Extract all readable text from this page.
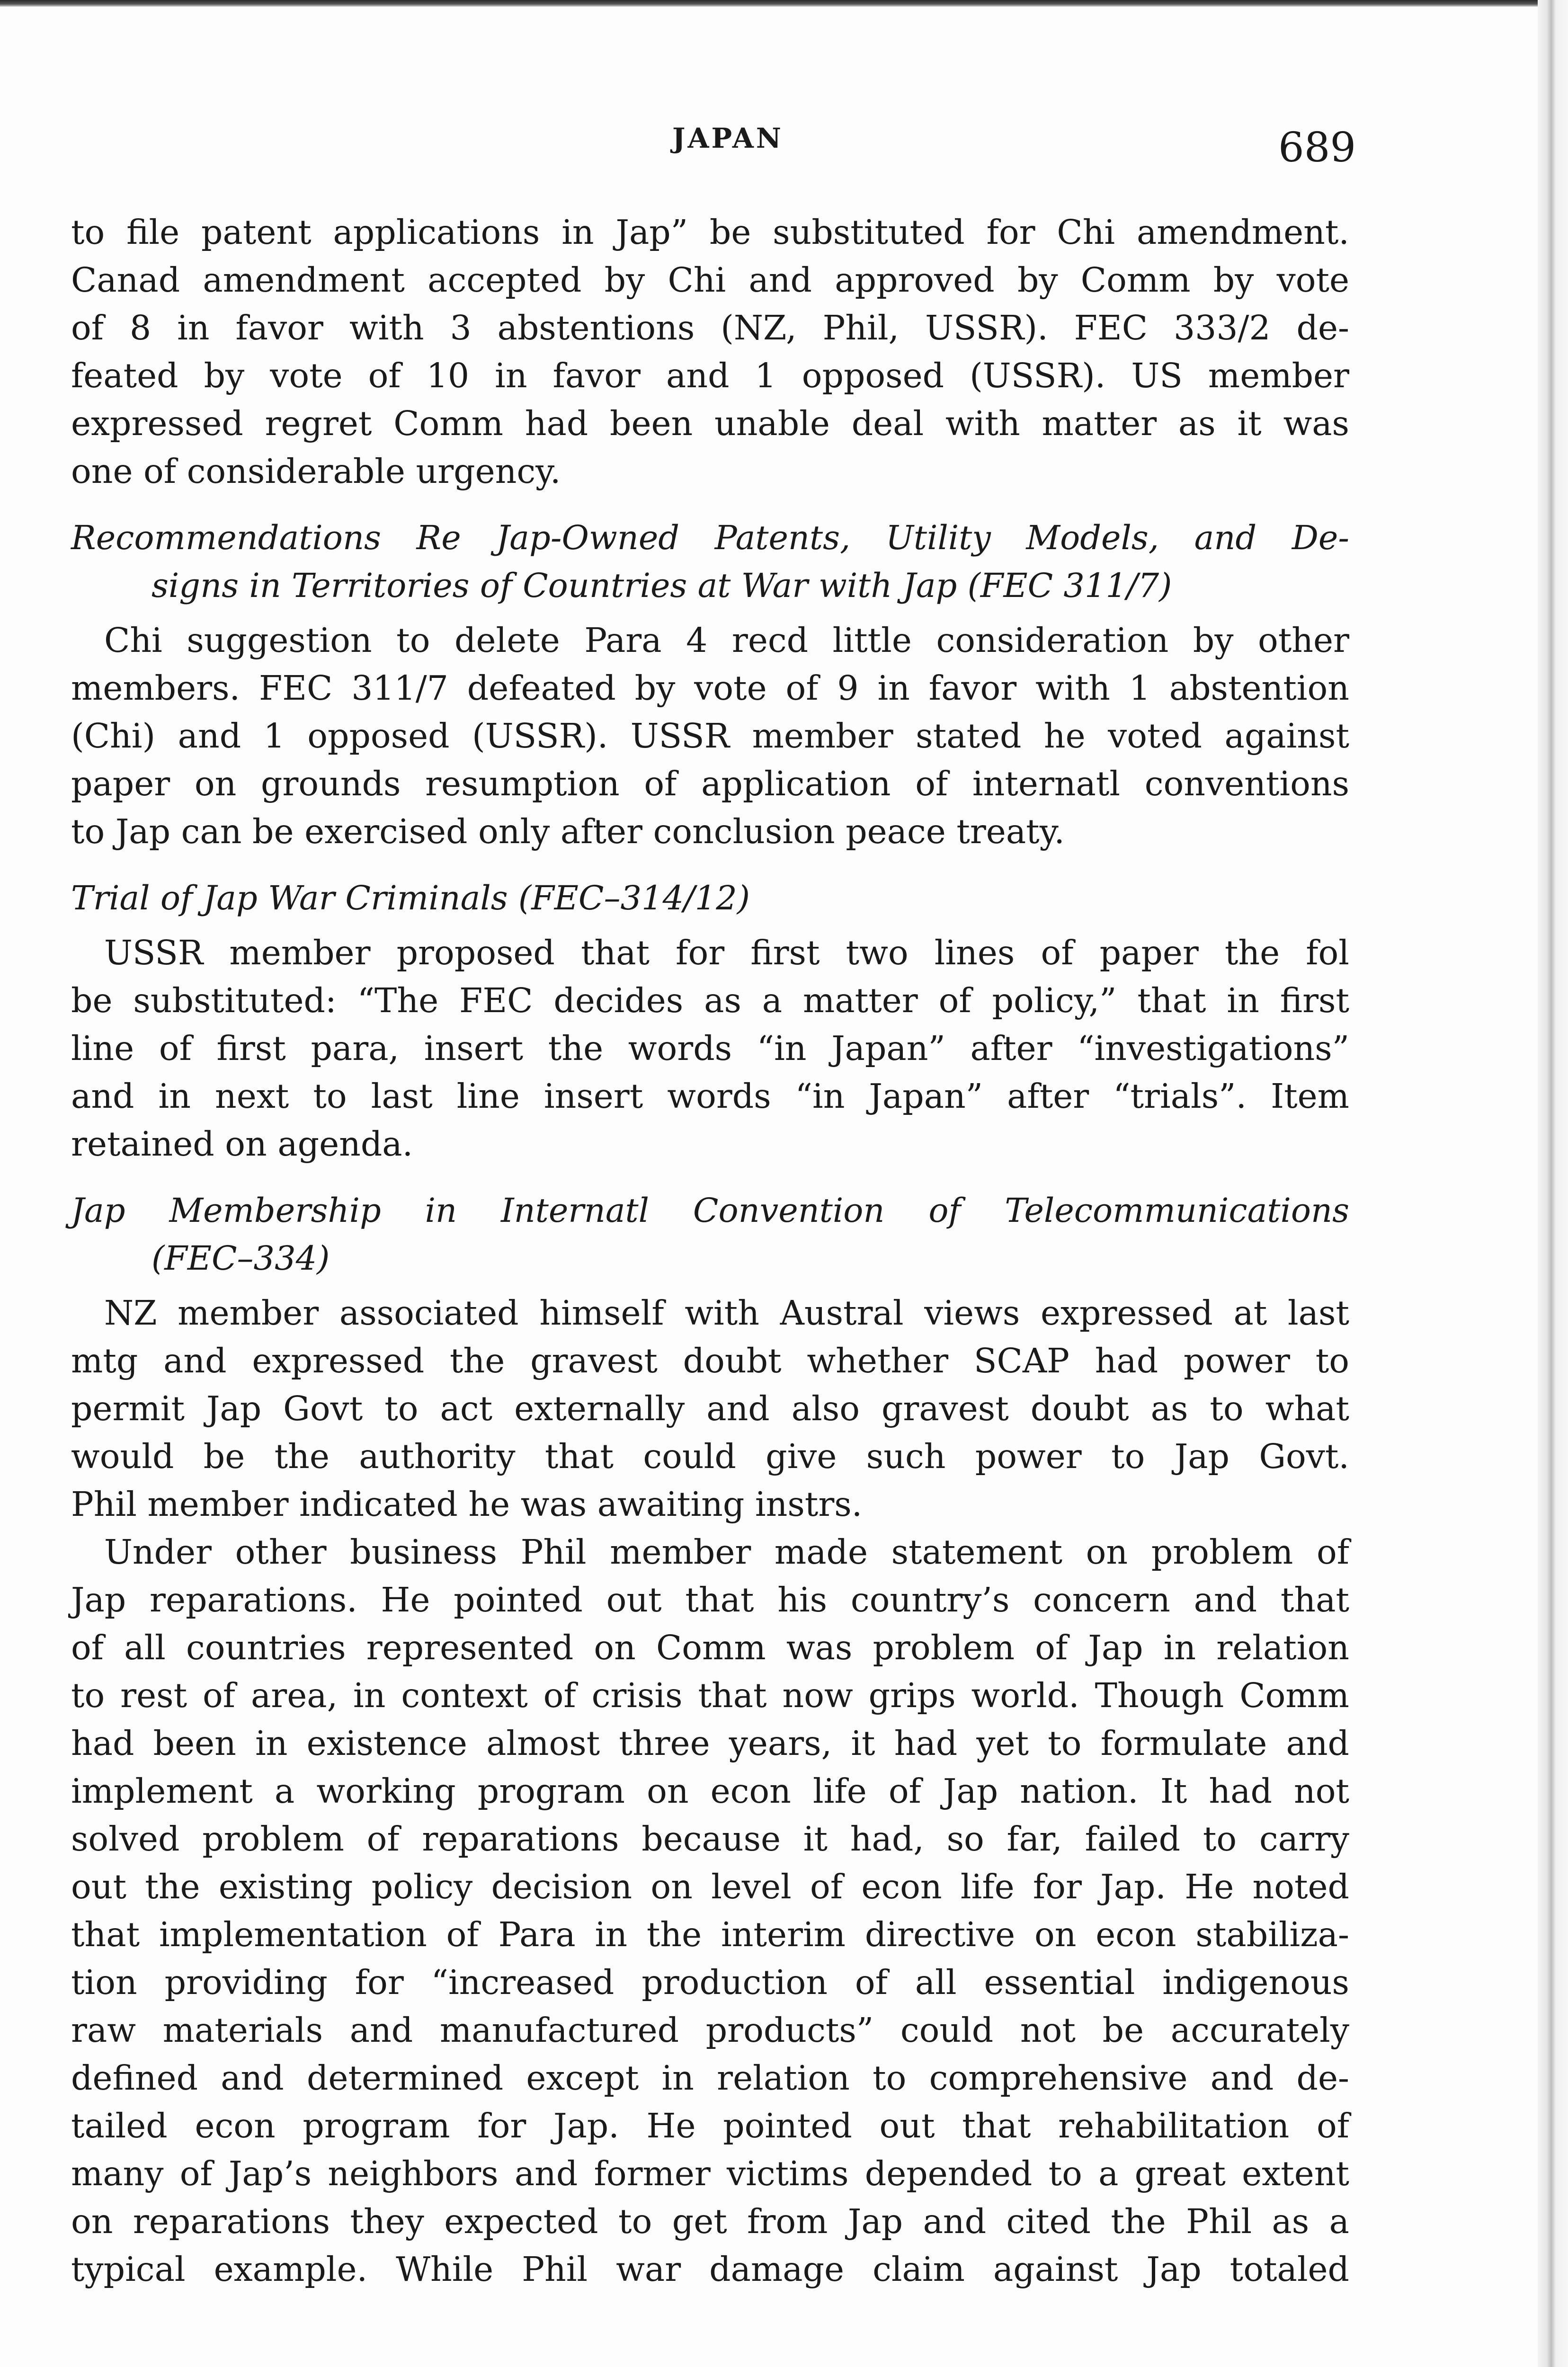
JAPAN	689
to file patent applications in Jap” be substituted for Chi amendment.
Canad amendment accepted by Chi and approved by Comm by vote
of 8 in favor with 3 abstentions (NZ, Phil, USSR). FEC 333/2 de-
feated by vote of 10 in favor and 1 opposed (USSR). US member
expressed regret Comm had been unable deal with matter as it was
one of considerable urgency.
Recommendations Re Jap-Owned Patents, Utility Models, and De-
signs in Territories of Countries at War with Jap (FEC 311/7)
Chi suggestion to delete Para 4 recd little consideration by other
members. FEC 311/7 defeated by vote of 9 in favor with 1 abstention
(Chi) and 1 opposed (USSR). USSR member stated he voted against
paper on grounds resumption of application of internatl conventions
to Jap can be exercised only after conclusion peace treaty.
Trial of Jap War Criminals (FEC–314/12)
USSR member proposed that for first two lines of paper the fol
be substituted: “The FEC decides as a matter of policy,” that in first
line of first para, insert the words “in Japan” after “investigations”
and in next to last line insert words “in Japan” after “trials”. Item
retained on agenda.
Jap Membership in Internatl Convention of Telecommunications
(FEC–334)
NZ member associated himself with Austral views expressed at last
mtg and expressed the gravest doubt whether SCAP had power to
permit Jap Govt to act externally and also gravest doubt as to what
would be the authority that could give such power to Jap Govt.
Phil member indicated he was awaiting instrs.
Under other business Phil member made statement on problem of
Jap reparations. He pointed out that his country’s concern and that
of all countries represented on Comm was problem of Jap in relation
to rest of area, in context of crisis that now grips world. Though Comm
had been in existence almost three years, it had yet to formulate and
implement a working program on econ life of Jap nation. It had not
solved problem of reparations because it had, so far, failed to carry
out the existing policy decision on level of econ life for Jap. He noted
that implementation of Para in the interim directive on econ stabiliza-
tion providing for “increased production of all essential indigenous
raw materials and manufactured products” could not be accurately
defined and determined except in relation to comprehensive and de-
tailed econ program for Jap. He pointed out that rehabilitation of
many of Jap’s neighbors and former victims depended to a great extent
on reparations they expected to get from Jap and cited the Phil as a
typical example. While Phil war damage claim against Jap totaled
